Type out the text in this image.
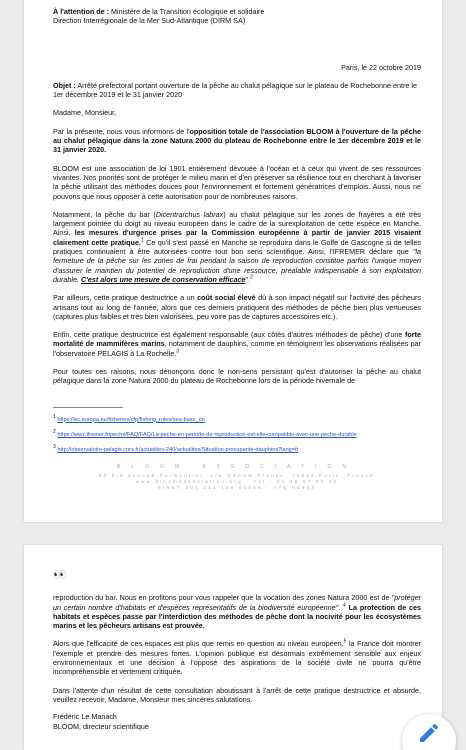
À l'attention de : Ministère de la Transition écologique et solidaire

Direction Interrégionale de la Mer Sud-Atlantique (DIRM SA)

Paris, le 22 octobre 2019

Objet : Arrêté préfectoral portant ouverture de la pêche au chalut pélagique sur le plateau de Rochebonne entre le 1er décembre 2019 et le 31 janvier 2020

Madame, Monsieur,

Par la présente, nous vous informons de l'opposition totale de l'association BLOOM à l'ouverture de la pêche au chalut pélagique dans la zone Natura 2000 du plateau de Rochebonne entre le 1er décembre 2019 et le 31 janvier 2020.

BLOOM est une association de loi 1901 entièrement dévouée à l'océan et à ceux qui vivent de ses ressources vivantes. Nos priorités sont de protéger le milieu marin et d'en préserver sa résilience tout en cherchant à favoriser la pêche utilisant des méthodes douces pour l'environnement et fortement génératrices d'emplois. Aussi, nous ne pouvons que nous opposer à cette autorisation pour de nombreuses raisons.

Notamment, la pêche du bar (Dicentrarchus labrax) au chalut pélagique sur les zones de frayères a été très largement pointée du doigt au niveau européen dans le cadre de la surexploitation de cette espèce en Manche. Ainsi, les mesures d'urgence prises par la Commission européenne à partir de janvier 2015 visaient clairement cette pratique.$^1$ Ce qu'il s'est passé en Manche se reproduira dans le Golfe de Gascogne si de telles pratiques continuaient à être autorisées contre tout bon sens scientifique. Ainsi, l'IFREMER déclare que "la fermeture de la pêche sur les zones de frai pendant la saison de reproduction constitue parfois l'unique moyen d'assurer le maintien du potentiel de reproduction d'une ressource, préalable indispensable à son exploitation durable. C'est alors une mesure de conservation efficace".$^2$

Par ailleurs, cette pratique destructrice a un coût social élevé dû à son impact négatif sur l'activité des pêcheurs artisans tout au long de l'année, alors que ces derniers pratiquent des méthodes de pêche bien plus vertueuses (captures plus faibles et très bien valorisées, peu voire pas de captures accessoires etc.).

Enfin, cette pratique destructrice est également responsable (aux côtés d'autres méthodes de pêche) d'une forte mortalité de mammifères marins, notamment de dauphins, comme en témoignent les observations réalisées par l'observatoire PELAGIS à La Rochelle.$^3$

Pour toutes ces raisons, nous dénonçons donc le non-sens persistant qu'est d'autoriser la pêche au chalut pélagique dans la zone Natura 2000 du plateau de Rochebonne lors de la période hivernale de

$^1$ https://ec.europa.eu/fisheries/cfp/fishing_rules/sea-bass_en

$^2$ https://wwz.ifremer.fr/peche/FAQ/FAQ/La-peche-en-periode-de-reproduction-est-elle-compatible-avec-une-peche-durable

$^3$ http://observatoire-pelagis.cnrs.fr/actualites-240/actualites/Situation-procupante-dauphins?lang=fr

BLOOM ASSOCIATION
62 bis avenue Parmentier, c/o OXFAM France, 75011 Paris, France
www.bloomassociation.org · Tél : 01 48 07 50 34
SIRET 501 441 124 00044 · APE 9499Z
👀

reproduction du bar. Nous en profitons pour vous rappeler que la vocation des zones Natura 2000 est de "protéger un certain nombre d'habitats et d'espèces représentatifs de la biodiversité européenne". $^4$ La protection de ces habitats et espèces passe par l'interdiction des méthodes de pêche dont la nocivité pour les écosystèmes marins et les pêcheurs artisans est prouvée.

Alors que l'efficacité de ces espaces est plus que remis en question au niveau européen,$^5$ la France doit montrer l'exemple et prendre des mesures fortes. L'opinion publique est désormais extrêmement sensible aux enjeux environnementaux et une décision à l'opposé des aspirations de la société civile ne pourra qu'être incompréhensible et vertement critiquée.

Dans l'attente d'un résultat de cette consultation aboutissant à l'arrêt de cette pratique destructrice et absurde, veuillez recevoir, Madame, Monsieur mes sincères salutations.

Frédéric Le Manach

BLOOM, directeur scientifique
